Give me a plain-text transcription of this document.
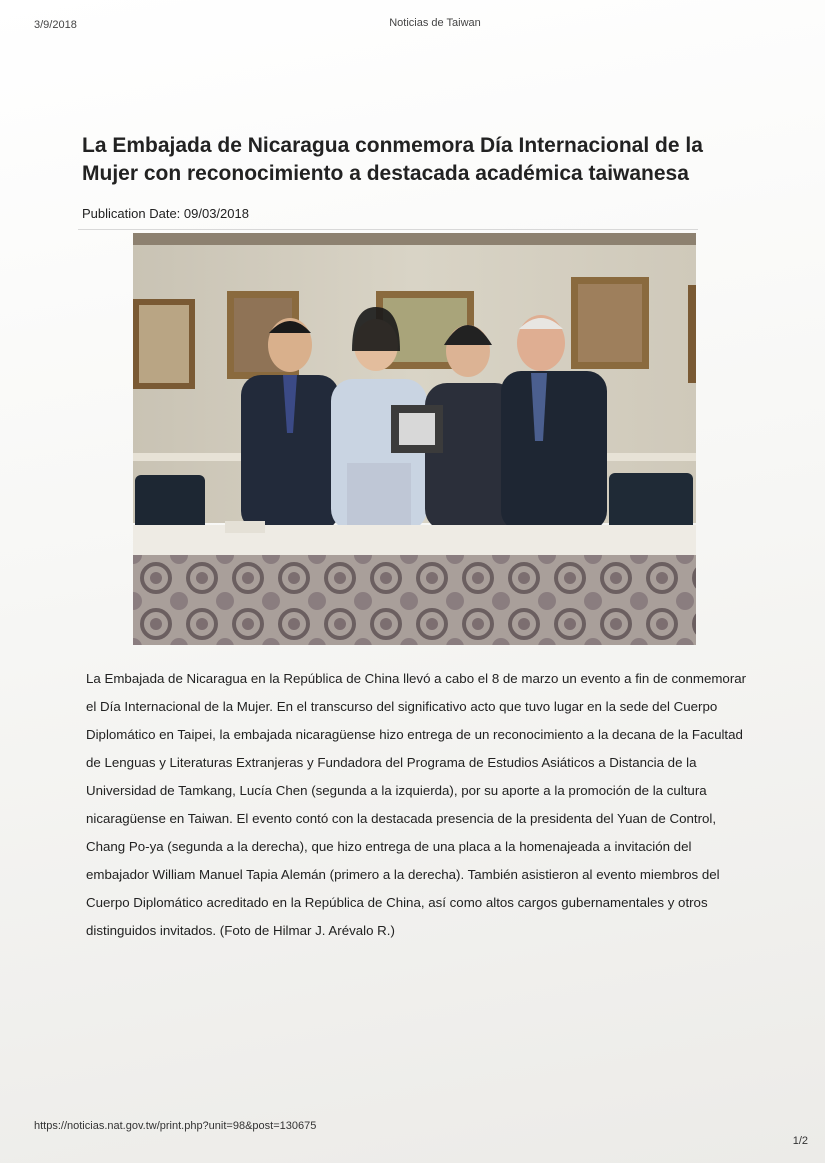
3/9/2018	Noticias de Taiwan
La Embajada de Nicaragua conmemora Día Internacional de la Mujer con reconocimiento a destacada académica taiwanesa
Publication Date: 09/03/2018

La Embajada de Nicaragua en la República de China llevó a cabo el 8 de marzo un evento a fin de conmemorar el Día Internacional de la Mujer. En el transcurso del significativo acto que tuvo lugar en la sede del Cuerpo Diplomático en Taipei, la embajada nicaragüense hizo entrega de un reconocimiento a la decana de la Facultad de Lenguas y Literaturas Extranjeras y Fundadora del Programa de Estudios Asiáticos a Distancia de la Universidad de Tamkang, Lucía Chen (segunda a la izquierda), por su aporte a la promoción de la cultura nicaragüense en Taiwan. El evento contó con la destacada presencia de la presidenta del Yuan de Control, Chang Po-ya (segunda a la derecha), que hizo entrega de una placa a la homenajeada a invitación del embajador William Manuel Tapia Alemán (primero a la derecha). También asistieron al evento miembros del Cuerpo Diplomático acreditado en la República de China, así como altos cargos gubernamentales y otros distinguidos invitados. (Foto de Hilmar J. Arévalo R.)

https://noticias.nat.gov.tw/print.php?unit=98&post=130675
1/2
